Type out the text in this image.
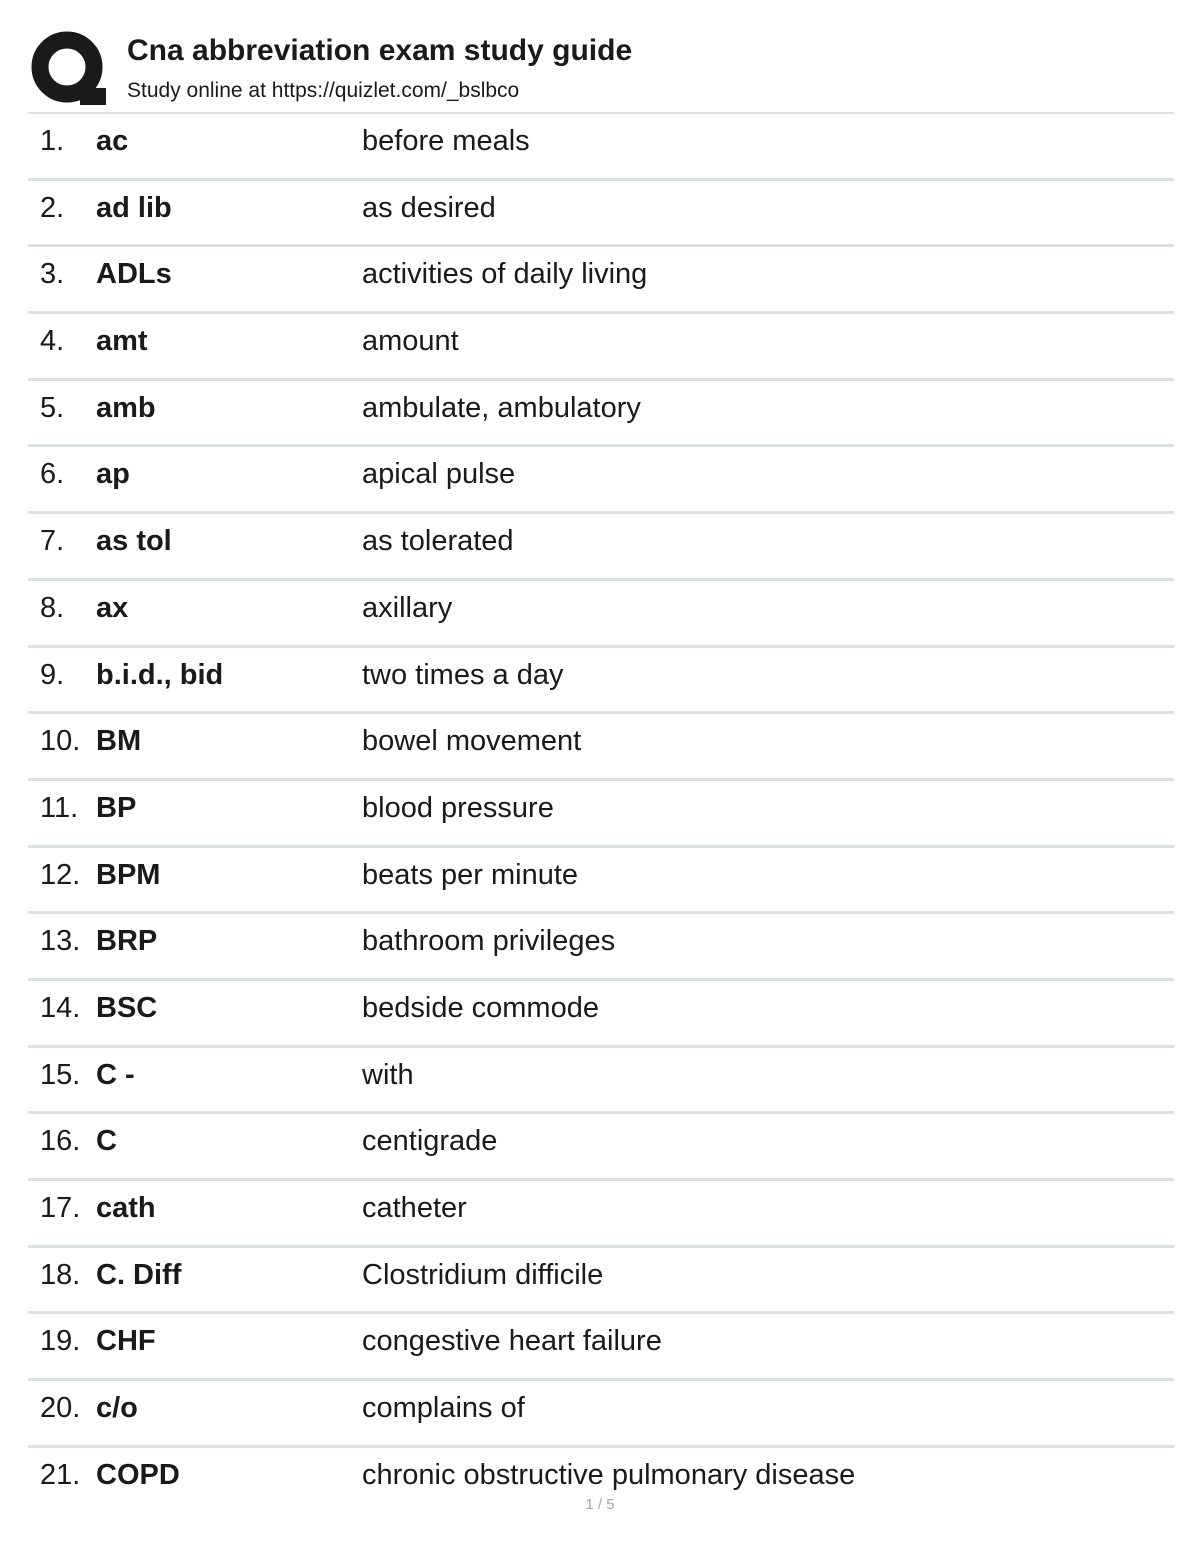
Cna abbreviation exam study guide
Study online at https://quizlet.com/_bslbco
1. ac	before meals
2. ad lib	as desired
3. ADLs	activities of daily living
4. amt	amount
5. amb	ambulate, ambulatory
6. ap	apical pulse
7. as tol	as tolerated
8. ax	axillary
9. b.i.d., bid	two times a day
10. BM	bowel movement
11. BP	blood pressure
12. BPM	beats per minute
13. BRP	bathroom privileges
14. BSC	bedside commode
15. C -	with
16. C	centigrade
17. cath	catheter
18. C. Diff	Clostridium difficile
19. CHF	congestive heart failure
20. c/o	complains of
21. COPD	chronic obstructive pulmonary disease
1 / 5
